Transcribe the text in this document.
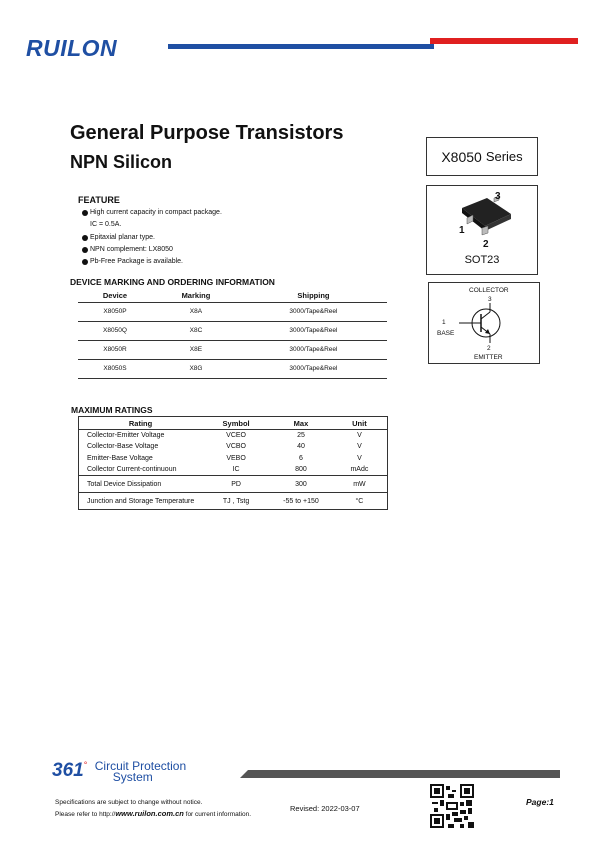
RUILON
General Purpose Transistors
NPN Silicon	X8050 Series
3
1
2
SOT23
COLLECTOR
3
1
BASE
2
EMITTER
FEATURE
High current capacity in compact package.
IC = 0.5A.
Epitaxial planar type.
NPN complement: LX8050
Pb-Free Package is available.
DEVICE MARKING AND ORDERING INFORMATION
Device	Marking	Shipping
X8050P	X8A	3000/Tape&Reel
X8050Q	X8C	3000/Tape&Reel
X8050R	X8E	3000/Tape&Reel
X8050S	X8G	3000/Tape&Reel
MAXIMUM RATINGS
Rating	Symbol	Max	Unit
Collector-Emitter Voltage	VCEO	25	V
Collector-Base Voltage	VCBO	40	V
Emitter-Base Voltage	VEBO	6	V
Collector Current-continuoun	IC	800	mAdc
Total Device Dissipation	PD	300	mW
Junction and Storage Temperature	TJ , Tstg	-55 to +150	°C
361° Circuit Protection
System
Specifications are subject to change without notice.
Please refer to http://www.ruilon.com.cn for current information.
Revised: 2022-03-07
Page:1
